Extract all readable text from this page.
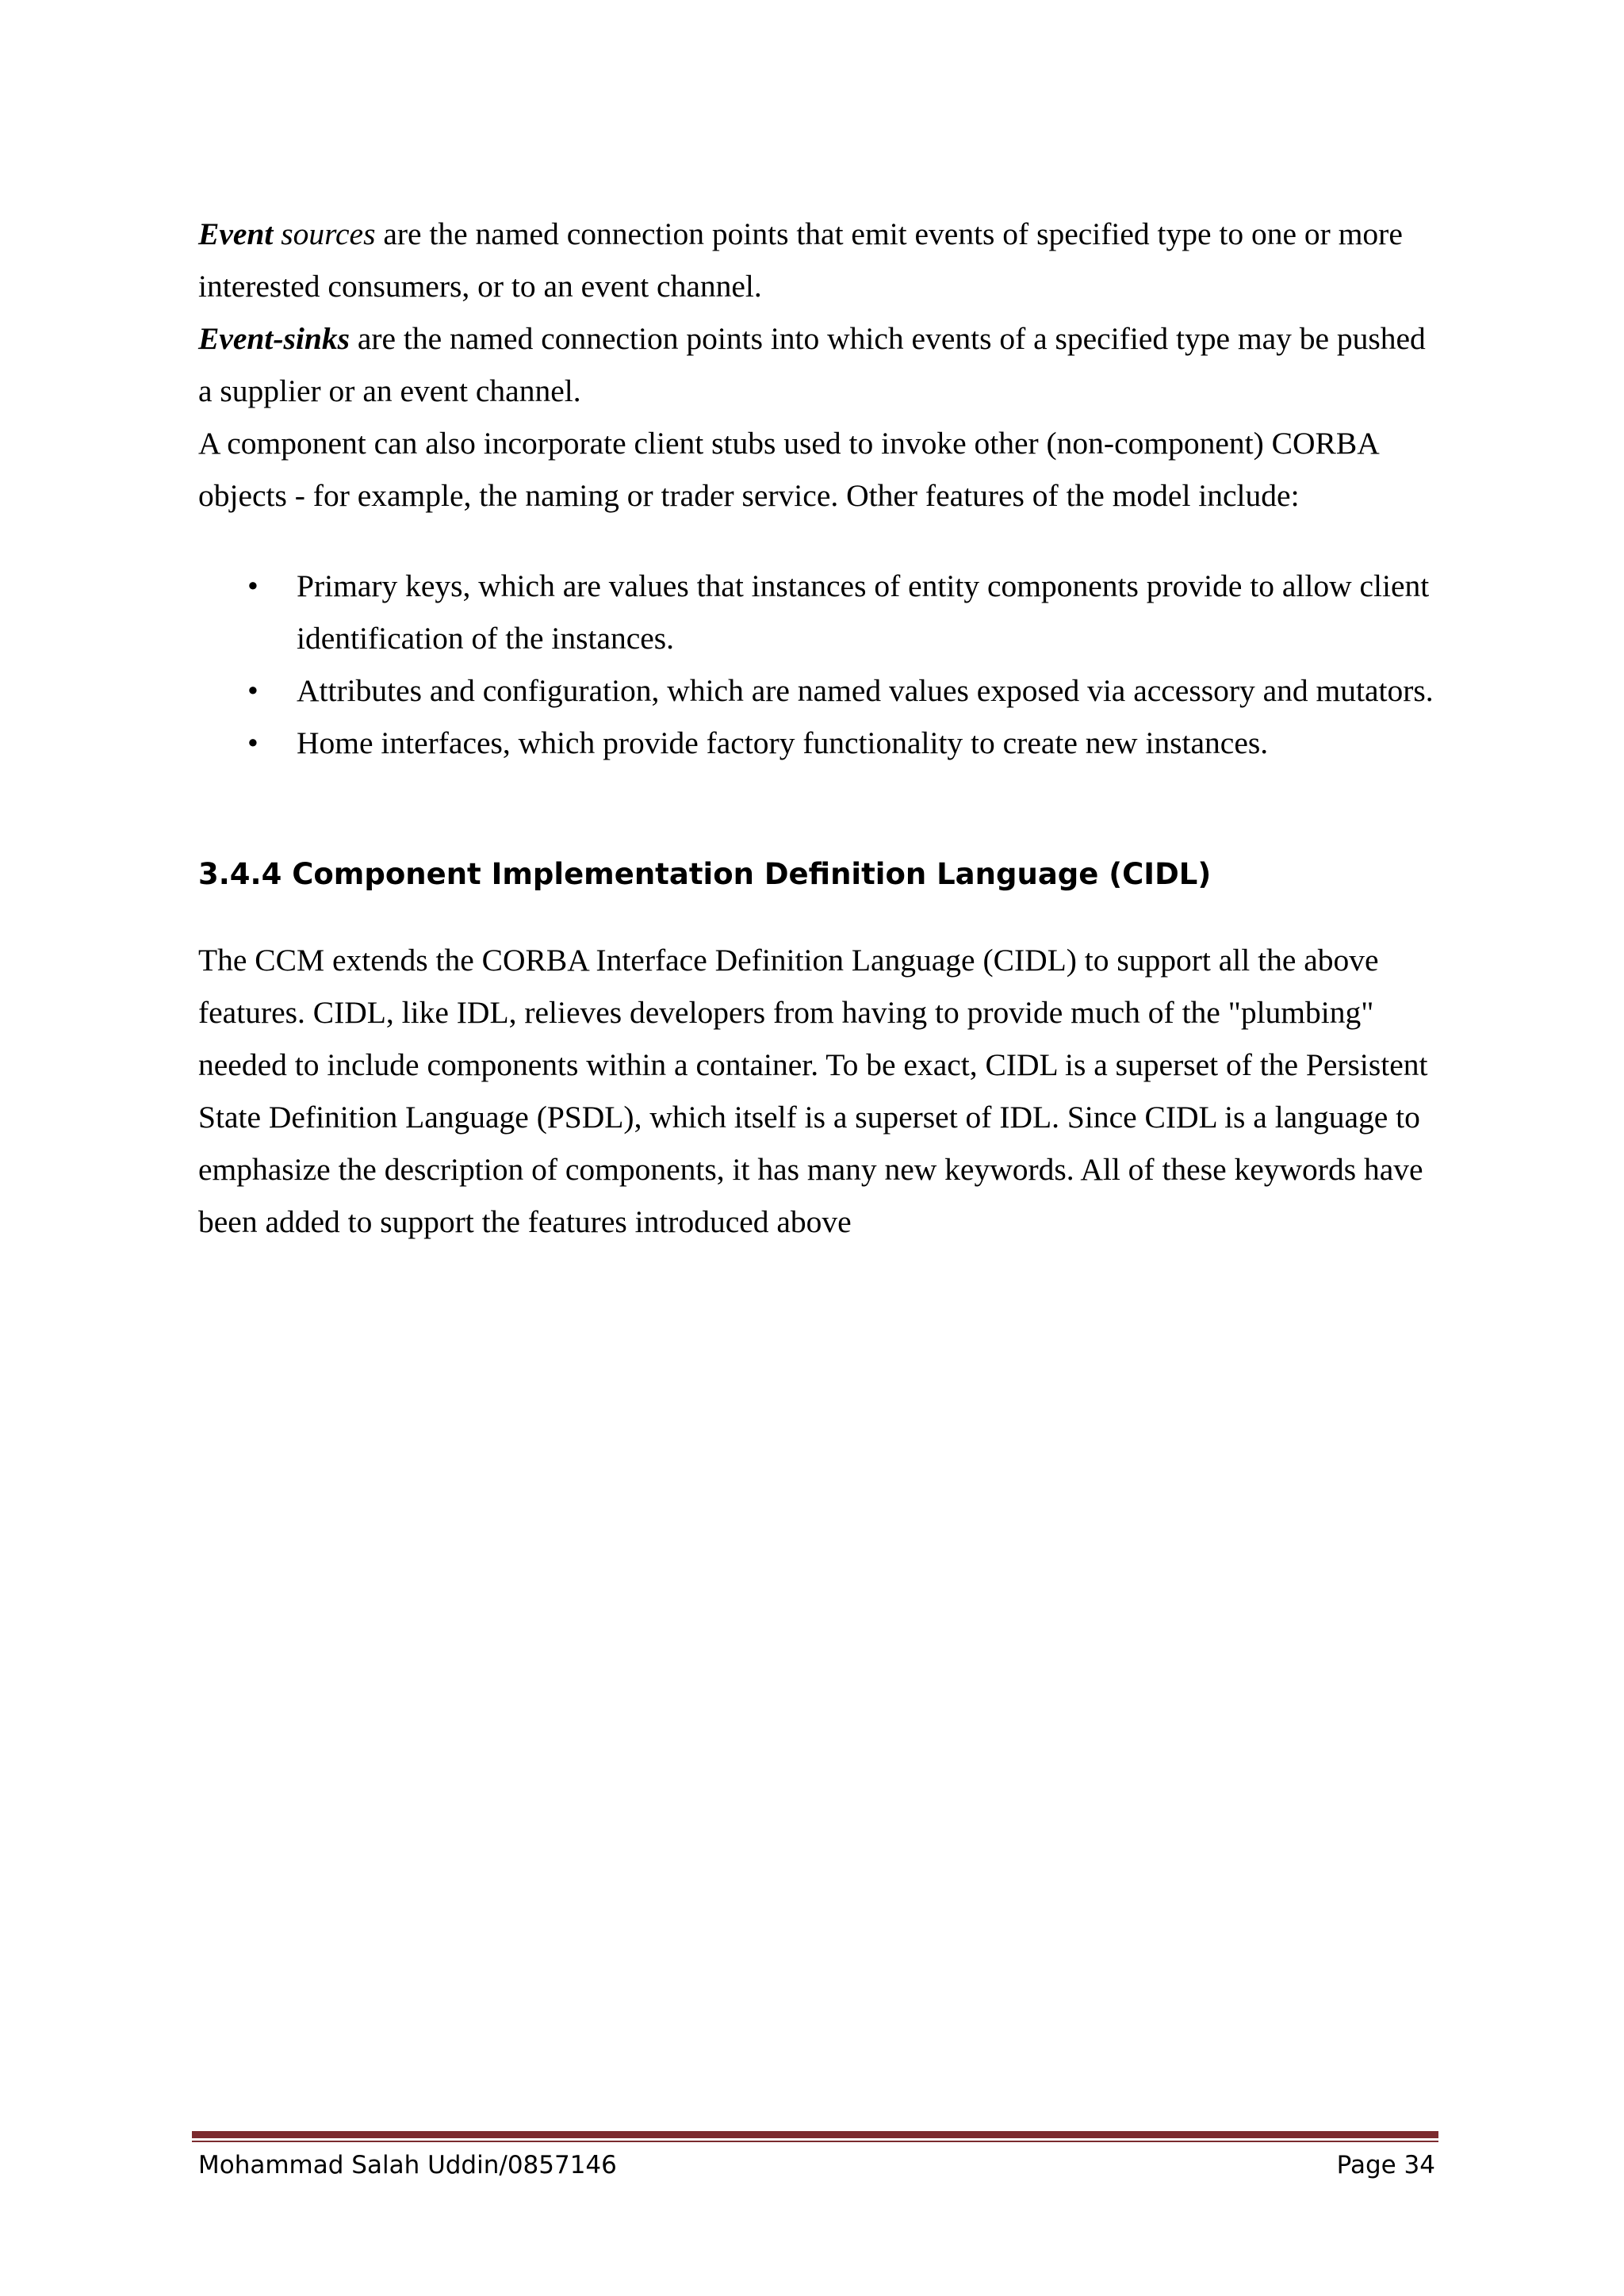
Event sources are the named connection points that emit events of specified type to one or more interested consumers, or to an event channel.

Event-sinks are the named connection points into which events of a specified type may be pushed a supplier or an event channel.

A component can also incorporate client stubs used to invoke other (non-component) CORBA objects - for example, the naming or trader service. Other features of the model include:

• Primary keys, which are values that instances of entity components provide to allow client identification of the instances.
• Attributes and configuration, which are named values exposed via accessory and mutators.
• Home interfaces, which provide factory functionality to create new instances.
3.4.4 Component Implementation Definition Language (CIDL)

The CCM extends the CORBA Interface Definition Language (CIDL) to support all the above features. CIDL, like IDL, relieves developers from having to provide much of the "plumbing" needed to include components within a container. To be exact, CIDL is a superset of the Persistent State Definition Language (PSDL), which itself is a superset of IDL. Since CIDL is a language to emphasize the description of components, it has many new keywords. All of these keywords have been added to support the features introduced above

Mohammad Salah Uddin/0857146	Page 34
